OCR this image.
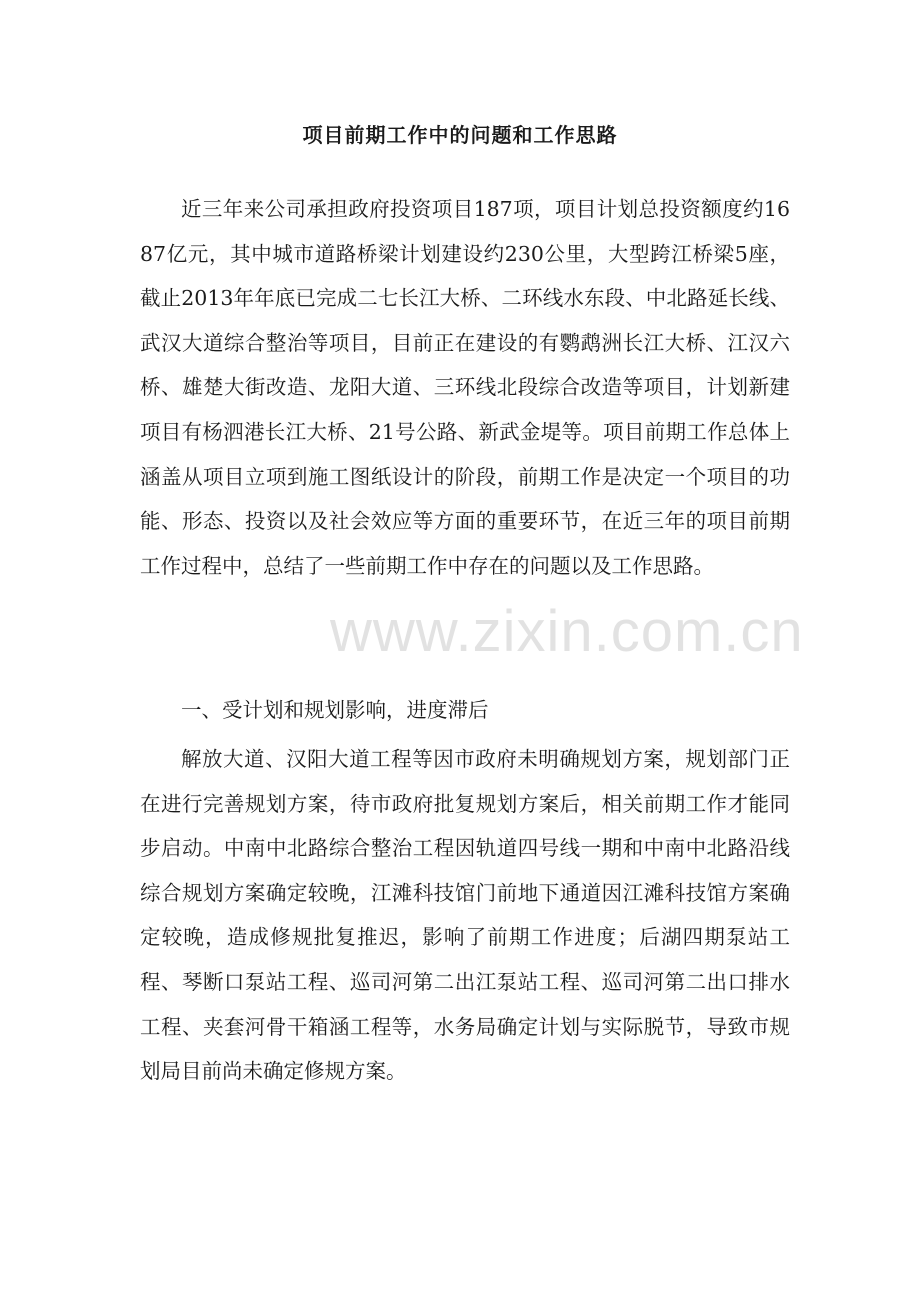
项目前期工作中的问题和工作思路

近三年来公司承担政府投资项目187项，项目计划总投资额度约1687亿元，其中城市道路桥梁计划建设约230公里，大型跨江桥梁5座，截止2013年年底已完成二七长江大桥、二环线水东段、中北路延长线、武汉大道综合整治等项目，目前正在建设的有鹦鹉洲长江大桥、江汉六桥、雄楚大街改造、龙阳大道、三环线北段综合改造等项目，计划新建项目有杨泗港长江大桥、21号公路、新武金堤等。项目前期工作总体上涵盖从项目立项到施工图纸设计的阶段，前期工作是决定一个项目的功能、形态、投资以及社会效应等方面的重要环节，在近三年的项目前期工作过程中，总结了一些前期工作中存在的问题以及工作思路。

一、受计划和规划影响，进度滞后

解放大道、汉阳大道工程等因市政府未明确规划方案，规划部门正在进行完善规划方案，待市政府批复规划方案后，相关前期工作才能同步启动。中南中北路综合整治工程因轨道四号线一期和中南中北路沿线综合规划方案确定较晚，江滩科技馆门前地下通道因江滩科技馆方案确定较晚，造成修规批复推迟，影响了前期工作进度；后湖四期泵站工程、琴断口泵站工程、巡司河第二出江泵站工程、巡司河第二出口排水工程、夹套河骨干箱涵工程等，水务局确定计划与实际脱节，导致市规划局目前尚未确定修规方案。

www.zixin.com.cn
